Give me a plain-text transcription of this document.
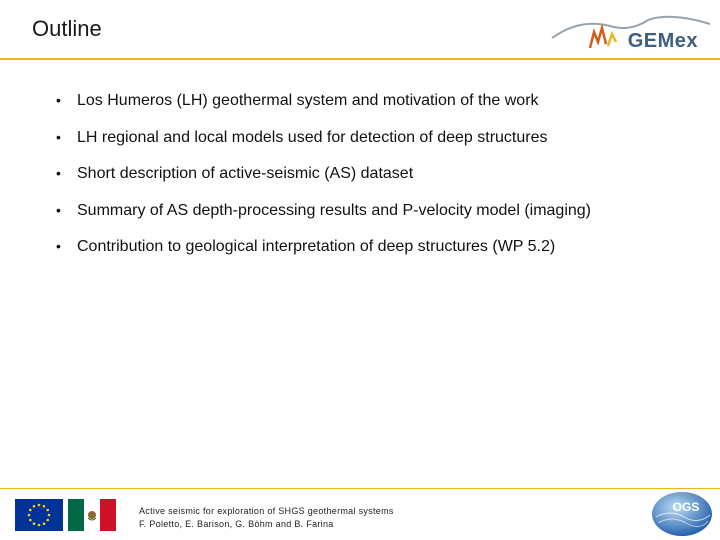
Outline	GEMex
•	Los Humeros (LH) geothermal system and motivation of the work
•	LH regional and local models used for detection of deep structures
•	Short description of active-seismic (AS) dataset
•	Summary of AS depth-processing results and P-velocity model (imaging)
•	Contribution to geological interpretation of deep structures (WP 5.2)
Active seismic for exploration of SHGS geothermal systems
F. Poletto, E. Barison, G. Böhm and B. Farina
OGS
